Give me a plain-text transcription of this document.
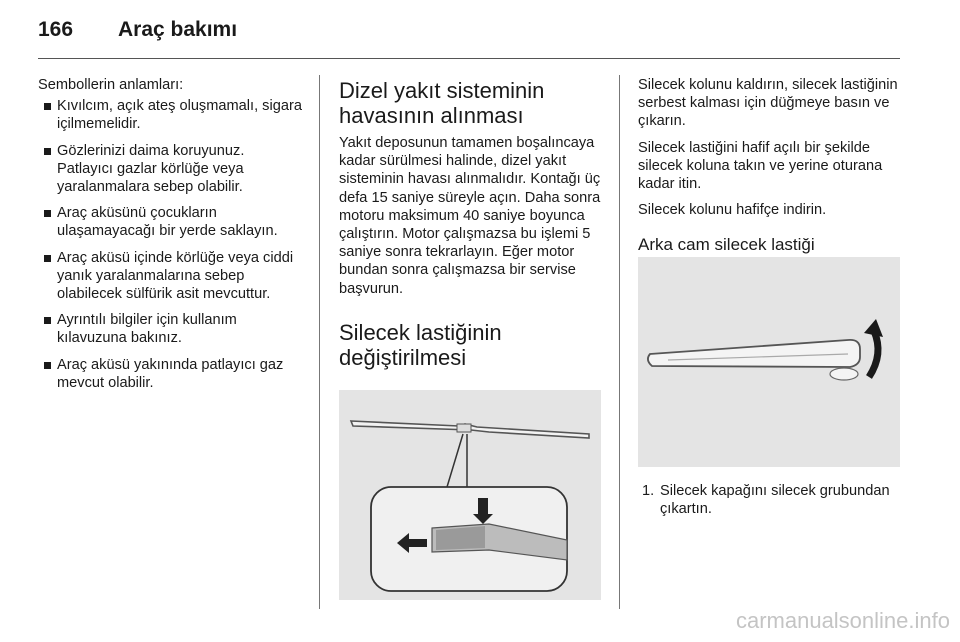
166 Araç bakımı

Sembollerin anlamları:

Kıvılcım, açık ateş oluşmamalı, sigara içilmemelidir.
Gözlerinizi daima koruyunuz. Patlayıcı gazlar körlüğe veya yaralanmalara sebep olabilir.
Araç aküsünü çocukların ulaşamayacağı bir yerde saklayın.
Araç aküsü içinde körlüğe veya ciddi yanık yaralanmalarına sebep olabilecek sülfürik asit mevcuttur.
Ayrıntılı bilgiler için kullanım kılavuzuna bakınız.
Araç aküsü yakınında patlayıcı gaz mevcut olabilir.
Dizel yakıt sisteminin havasının alınması

Yakıt deposunun tamamen boşalıncaya kadar sürülmesi halinde, dizel yakıt sisteminin havası alınmalıdır. Kontağı üç defa 15 saniye süreyle açın. Daha sonra motoru maksimum 40 saniye boyunca çalıştırın. Motor çalışmazsa bu işlemi 5 saniye sonra tekrarlayın. Eğer motor bundan sonra çalışmazsa bir servise başvurun.

Silecek lastiğinin değiştirilmesi

Silecek kolunu kaldırın, silecek lastiğinin serbest kalması için düğmeye basın ve çıkarın.

Silecek lastiğini hafif açılı bir şekilde silecek koluna takın ve yerine oturana kadar itin.

Silecek kolunu hafifçe indirin.

Arka cam silecek lastiği
1. Silecek kapağını silecek grubundan çıkartın.
carmanualsonline.info
